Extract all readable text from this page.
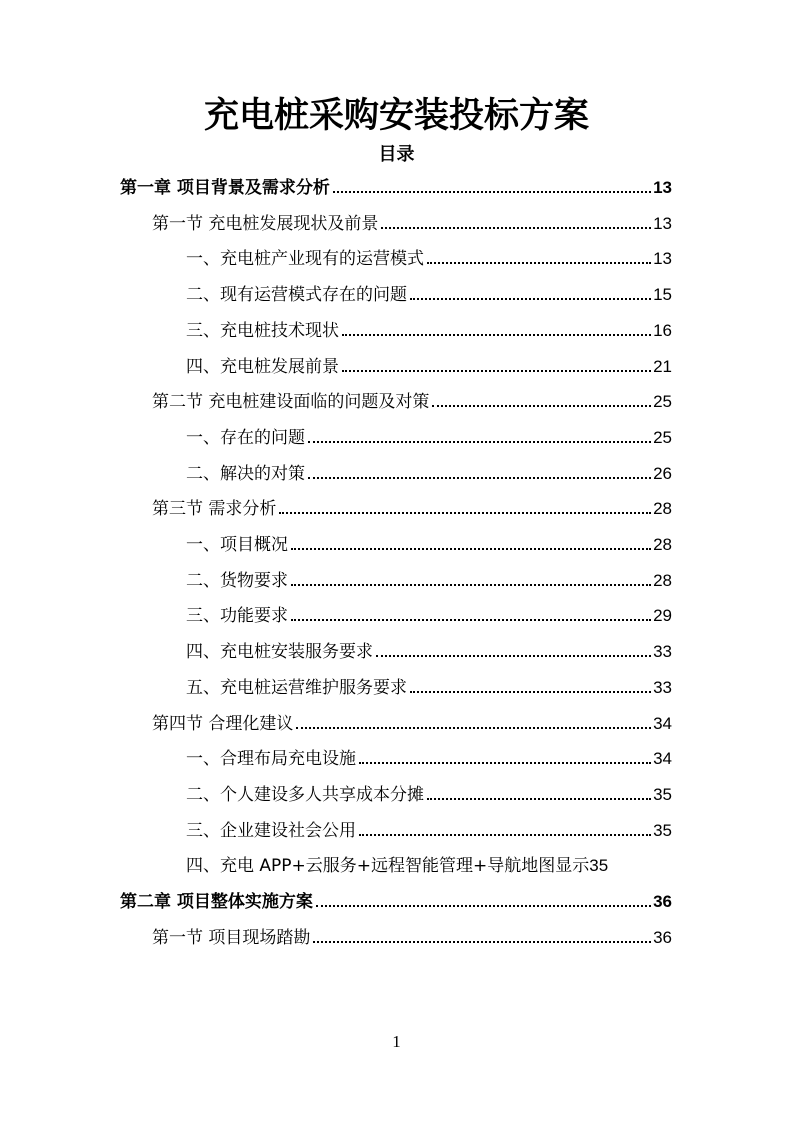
充电桩采购安装投标方案
目录
第一章 项目背景及需求分析	13
第一节 充电桩发展现状及前景	13
一、充电桩产业现有的运营模式	13
二、现有运营模式存在的问题	15
三、充电桩技术现状	16
四、充电桩发展前景	21
第二节 充电桩建设面临的问题及对策	25
一、存在的问题	25
二、解决的对策	26
第三节 需求分析	28
一、项目概况	28
二、货物要求	28
三、功能要求	29
四、充电桩安装服务要求	33
五、充电桩运营维护服务要求	33
第四节 合理化建议	34
一、合理布局充电设施	34
二、个人建设多人共享成本分摊	35
三、企业建设社会公用	35
四、充电 APP+云服务+远程智能管理+导航地图显示 35
第二章 项目整体实施方案	36
第一节 项目现场踏勘	36
1
